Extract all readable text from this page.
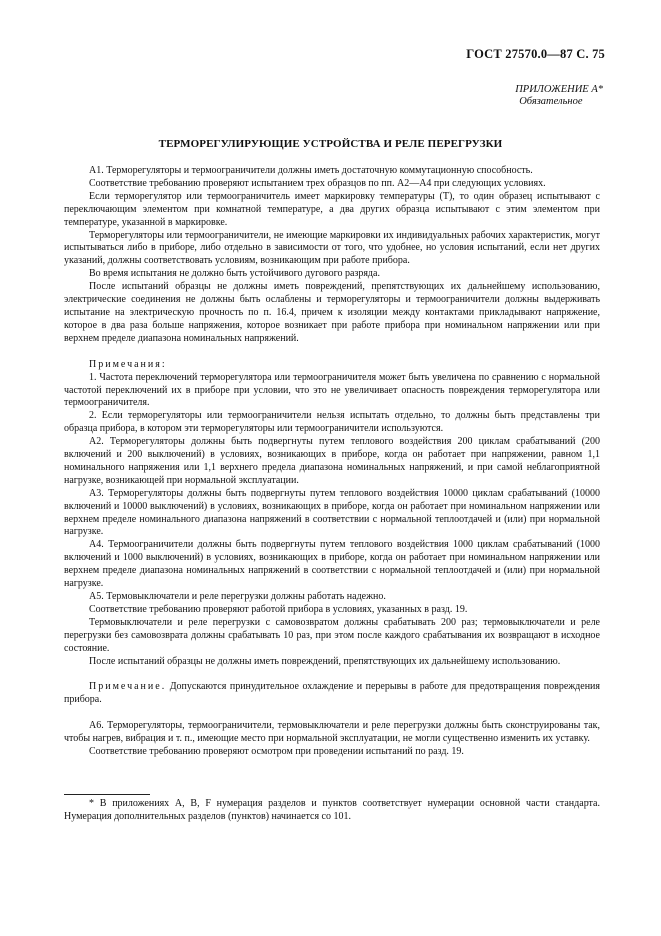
ГОСТ 27570.0—87 С. 75
ПРИЛОЖЕНИЕ А*
Обязательное
ТЕРМОРЕГУЛИРУЮЩИЕ УСТРОЙСТВА И РЕЛЕ ПЕРЕГРУЗКИ

А1. Терморегуляторы и термоограничители должны иметь достаточную коммутационную способность.

Соответствие требованию проверяют испытанием трех образцов по пп. А2—А4 при следующих условиях.

Если терморегулятор или термоограничитель имеет маркировку температуры (Т), то один образец испытывают с переключающим элементом при комнатной температуре, а два других образца испытывают с этим элементом при температуре, указанной в маркировке.

Терморегуляторы или термоограничители, не имеющие маркировки их индивидуальных рабочих характеристик, могут испытываться либо в приборе, либо отдельно в зависимости от того, что удобнее, но условия испытаний, если нет других указаний, должны соответствовать условиям, возникающим при работе прибора.

Во время испытания не должно быть устойчивого дугового разряда.

После испытаний образцы не должны иметь повреждений, препятствующих их дальнейшему использованию, электрические соединения не должны быть ослаблены и терморегуляторы и термоограничители должны выдерживать испытание на электрическую прочность по п. 16.4, причем к изоляции между контактами прикладывают напряжение, которое в два раза больше напряжения, которое возникает при работе прибора при номинальном напряжении или при верхнем пределе диапазона номинальных напряжений.

Примечания:

1. Частота переключений терморегулятора или термоограничителя может быть увеличена по сравнению с нормальной частотой переключений их в приборе при условии, что это не увеличивает опасность повреждения терморегулятора или термоограничителя.

2. Если терморегуляторы или термоограничители нельзя испытать отдельно, то должны быть представлены три образца прибора, в котором эти терморегуляторы или термоограничители используются.

А2. Терморегуляторы должны быть подвергнуты путем теплового воздействия 200 циклам срабатываний (200 включений и 200 выключений) в условиях, возникающих в приборе, когда он работает при напряжении, равном 1,1 номинального напряжения или 1,1 верхнего предела диапазона номинальных напряжений, и при самой неблагоприятной нагрузке, возникающей при нормальной эксплуатации.

А3. Терморегуляторы должны быть подвергнуты путем теплового воздействия 10000 циклам срабатываний (10000 включений и 10000 выключений) в условиях, возникающих в приборе, когда он работает при номинальном напряжении или верхнем пределе номинального диапазона напряжений в соответствии с нормальной теплоотдачей и (или) при нормальной нагрузке.

А4. Термоограничители должны быть подвергнуты путем теплового воздействия 1000 циклам срабатываний (1000 включений и 1000 выключений) в условиях, возникающих в приборе, когда он работает при номинальном напряжении или верхнем пределе диапазона номинальных напряжений в соответствии с нормальной теплоотдачей и (или) при нормальной нагрузке.

А5. Термовыключатели и реле перегрузки должны работать надежно.

Соответствие требованию проверяют работой прибора в условиях, указанных в разд. 19.

Термовыключатели и реле перегрузки с самовозвратом должны срабатывать 200 раз; термовыключатели и реле перегрузки без самовозврата должны срабатывать 10 раз, при этом после каждого срабатывания их возвращают в исходное состояние.

После испытаний образцы не должны иметь повреждений, препятствующих их дальнейшему использованию.

Примечание. Допускаются принудительное охлаждение и перерывы в работе для предотвращения повреждения прибора.

А6. Терморегуляторы, термоограничители, термовыключатели и реле перегрузки должны быть сконструированы так, чтобы нагрев, вибрация и т. п., имеющие место при нормальной эксплуатации, не могли существенно изменить их уставку.

Соответствие требованию проверяют осмотром при проведении испытаний по разд. 19.

* В приложениях А, В, F нумерация разделов и пунктов соответствует нумерации основной части стандарта. Нумерация дополнительных разделов (пунктов) начинается со 101.
